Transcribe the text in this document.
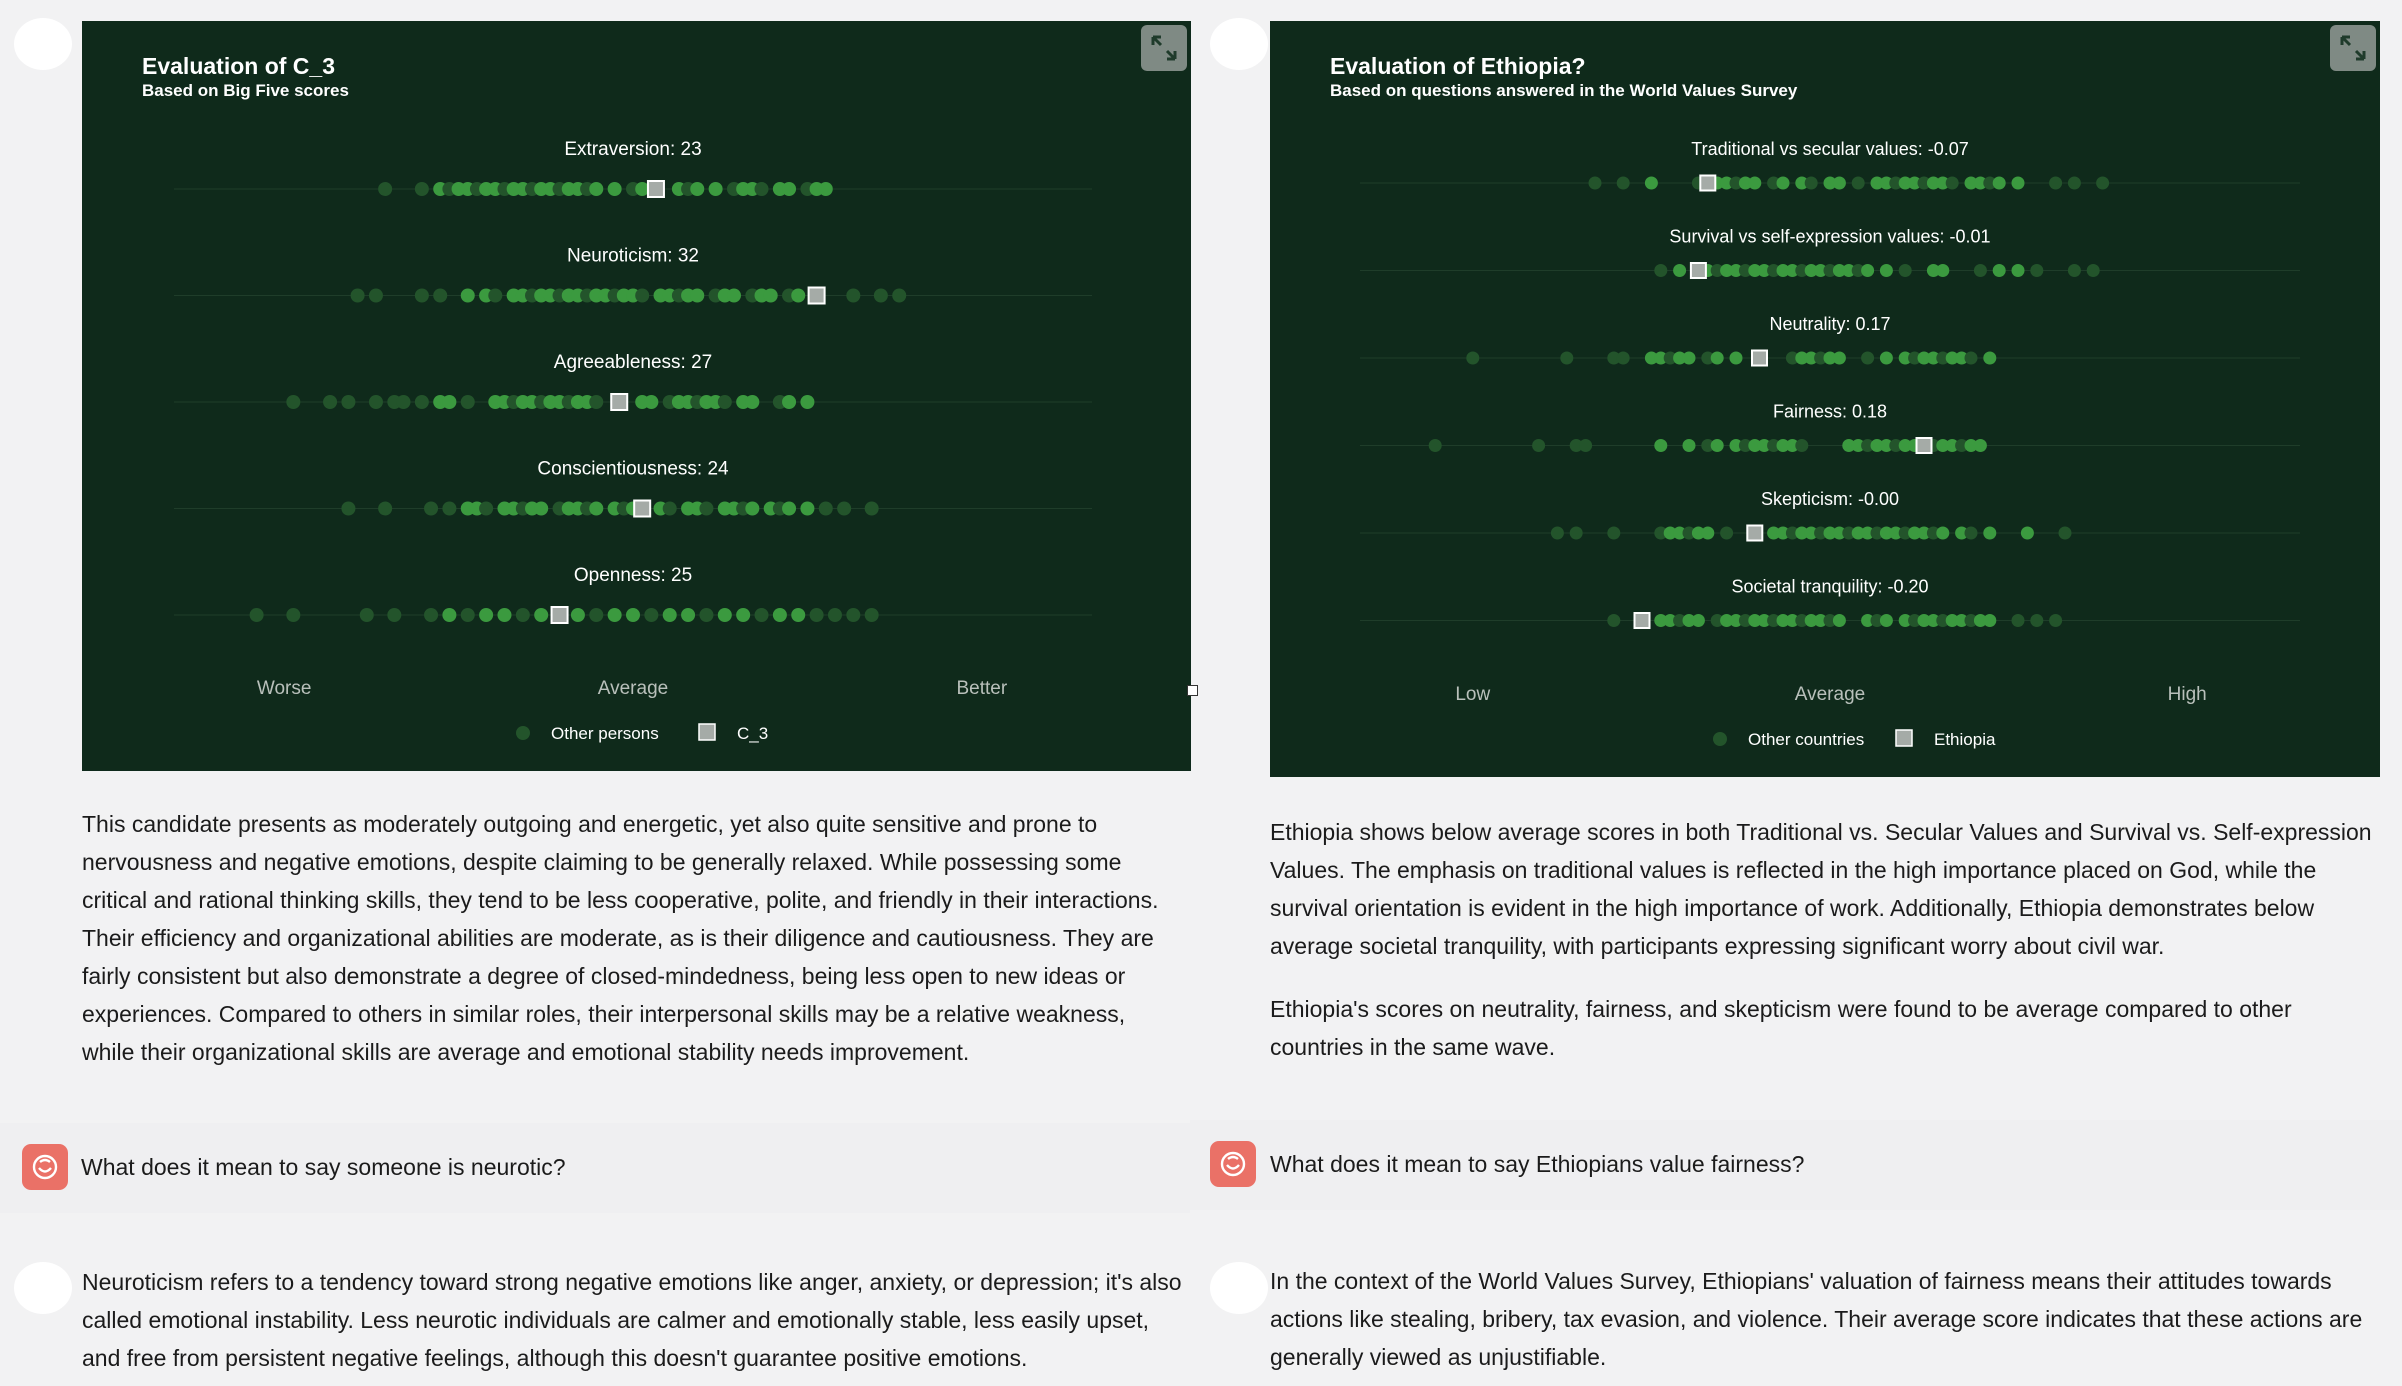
Extraversion: 23
Neuroticism: 32
Agreeableness: 27
Conscientiousness: 24
Openness: 25
Worse	Average	Better
Other persons	C_3
Evaluation of C_3
Based on Big Five scores

This candidate presents as moderately outgoing and energetic, yet also quite sensitive and prone to nervousness and negative emotions, despite claiming to be generally relaxed. While possessing some critical and rational thinking skills, they tend to be less cooperative, polite, and friendly in their interactions. Their efficiency and organizational abilities are moderate, as is their diligence and cautiousness. They are fairly consistent but also demonstrate a degree of closed-mindedness, being less open to new ideas or experiences. Compared to others in similar roles, their interpersonal skills may be a relative weakness, while their organizational skills are average and emotional stability needs improvement.

What does it mean to say someone is neurotic?

Neuroticism refers to a tendency toward strong negative emotions like anger, anxiety, or depression; it's also called emotional instability. Less neurotic individuals are calmer and emotionally stable, less easily upset, and free from persistent negative feelings, although this doesn't guarantee positive emotions.

Traditional vs secular values: -0.07
Survival vs self-expression values: -0.01
Neutrality: 0.17
Fairness: 0.18
Skepticism: -0.00
Societal tranquility: -0.20
Low	Average	High
Other countries	Ethiopia
Evaluation of Ethiopia?
Based on questions answered in the World Values Survey

Ethiopia shows below average scores in both Traditional vs. Secular Values and Survival vs. Self-expression Values. The emphasis on traditional values is reflected in the high importance placed on God, while the survival orientation is evident in the high importance of work. Additionally, Ethiopia demonstrates below average societal tranquility, with participants expressing significant worry about civil war.

Ethiopia's scores on neutrality, fairness, and skepticism were found to be average compared to other countries in the same wave.

What does it mean to say Ethiopians value fairness?

In the context of the World Values Survey, Ethiopians' valuation of fairness means their attitudes towards actions like stealing, bribery, tax evasion, and violence. Their average score indicates that these actions are generally viewed as unjustifiable.
